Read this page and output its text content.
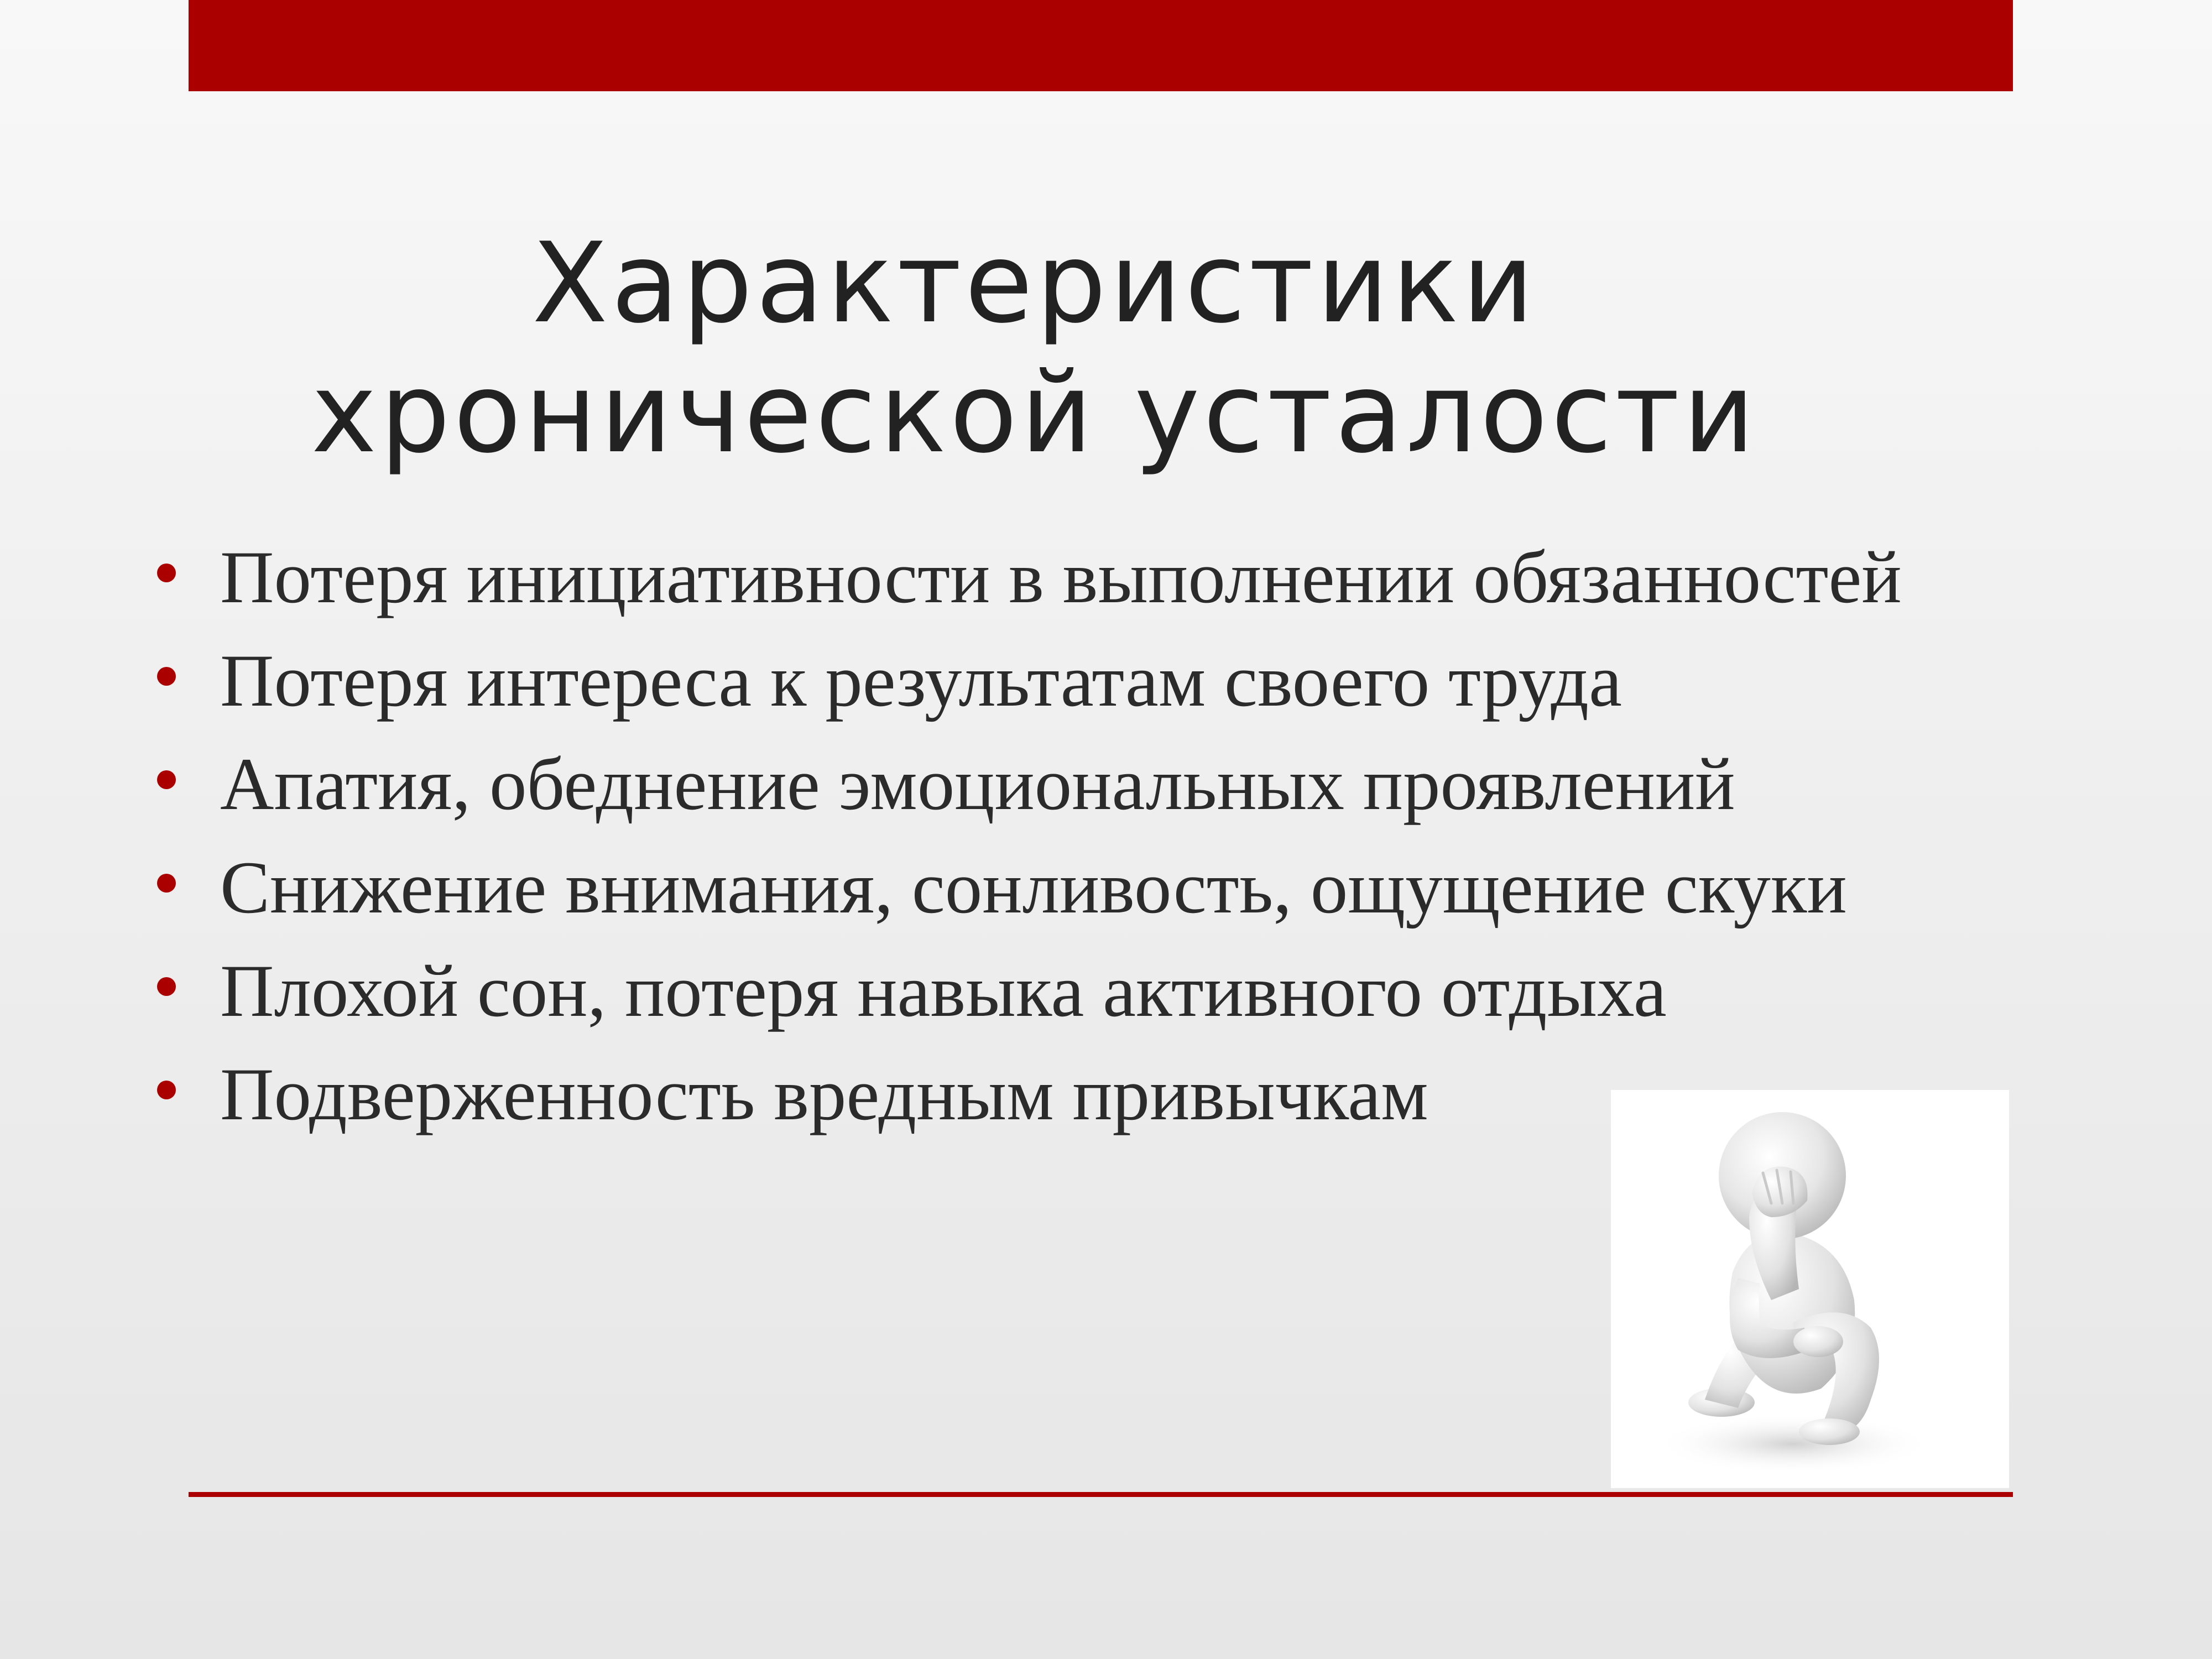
Характеристики
хронической усталости
Потеря инициативности в выполнении обязанностей
Потеря интереса к результатам своего труда
Апатия, обеднение эмоциональных проявлений
Снижение внимания, сонливость, ощущение скуки
Плохой сон, потеря навыка активного отдыха
Подверженность вредным привычкам
